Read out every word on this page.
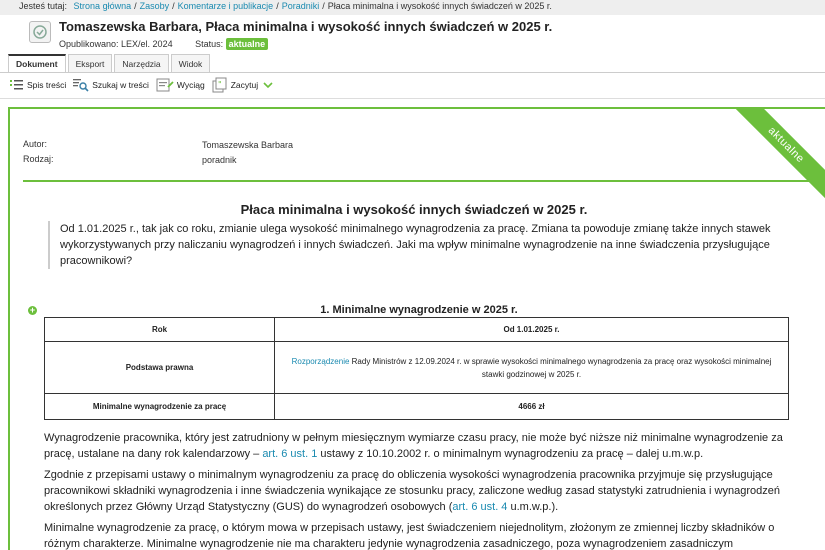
Jesteś tutaj: Strona główna / Zasoby / Komentarze i publikacje / Poradniki / Płaca minimalna i wysokość innych świadczeń w 2025 r.
Tomaszewska Barbara, Płaca minimalna i wysokość innych świadczeń w 2025 r.
Opublikowano: LEX/el. 2024	Status: aktualne
Dokument	Eksport	Narzędzia	Widok
Spis treści	Szukaj w treści	Wyciąg " Zacytuj
aktualne
Autor:	Tomaszewska Barbara
Rodzaj:	poradnik
Płaca minimalna i wysokość innych świadczeń w 2025 r.
Od 1.01.2025 r., tak jak co roku, zmianie ulega wysokość minimalnego wynagrodzenia za pracę. Zmiana ta powoduje zmianę także innych stawek wykorzystywanych przy naliczaniu wynagrodzeń i innych świadczeń. Jaki ma wpływ minimalne wynagrodzenie na inne świadczenia przysługujące pracownikowi?
+	1. Minimalne wynagrodzenie w 2025 r.
Rok	Od 1.01.2025 r.
Podstawa prawna	Rozporządzenie Rady Ministrów z 12.09.2024 r. w sprawie wysokości minimalnego wynagrodzenia za pracę oraz wysokości minimalnej stawki godzinowej w 2025 r.
Minimalne wynagrodzenie za pracę	4666 zł
Wynagrodzenie pracownika, który jest zatrudniony w pełnym miesięcznym wymiarze czasu pracy, nie może być niższe niż minimalne wynagrodzenie za pracę, ustalane na dany rok kalendarzowy – art. 6 ust. 1 ustawy z 10.10.2002 r. o minimalnym wynagrodzeniu za pracę – dalej u.m.w.p.
Zgodnie z przepisami ustawy o minimalnym wynagrodzeniu za pracę do obliczenia wysokości wynagrodzenia pracownika przyjmuje się przysługujące pracownikowi składniki wynagrodzenia i inne świadczenia wynikające ze stosunku pracy, zaliczone według zasad statystyki zatrudnienia i wynagrodzeń określonych przez Główny Urząd Statystyczny (GUS) do wynagrodzeń osobowych (art. 6 ust. 4 u.m.w.p.).
Minimalne wynagrodzenie za pracę, o którym mowa w przepisach ustawy, jest świadczeniem niejednolitym, złożonym ze zmiennej liczby składników o różnym charakterze. Minimalne wynagrodzenie nie ma charakteru jedynie wynagrodzenia zasadniczego, poza wynagrodzeniem zasadniczym
